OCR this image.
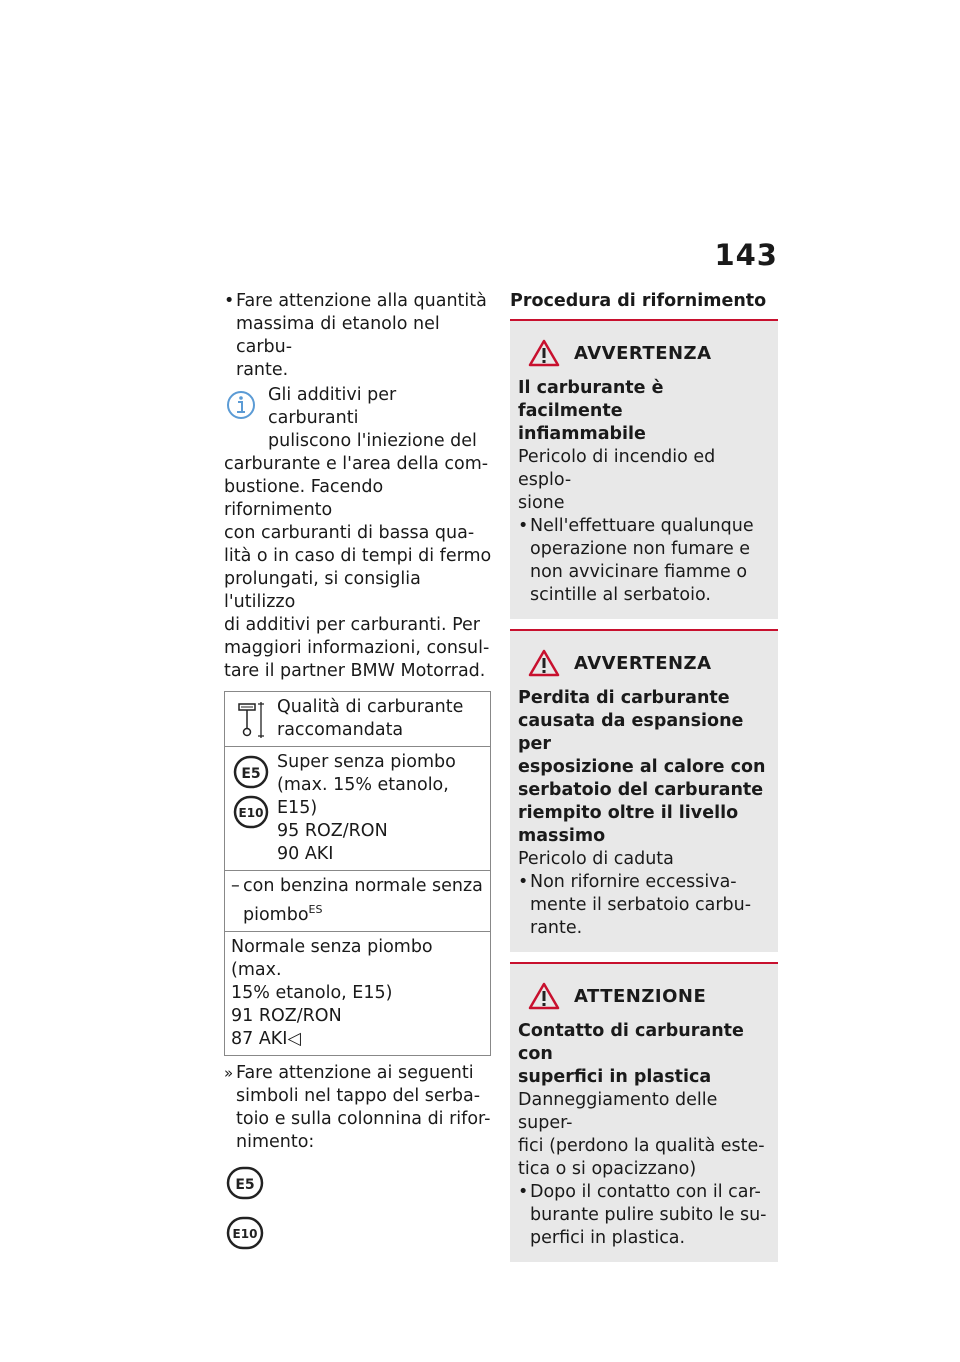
143
• Fare attenzione alla quantità
massima di etanolo nel carbu-
rante.
Gli additivi per carburanti
puliscono l'iniezione del
carburante e l'area della com-
bustione. Facendo rifornimento
con carburanti di bassa qua-
lità o in caso di tempi di fermo
prolungati, si consiglia l'utilizzo
di additivi per carburanti. Per
maggiori informazioni, consul-
tare il partner BMW Motorrad.
Qualità di carburante
raccomandata

E5
E10
Super senza piombo
(max. 15% etanolo,
E15)
95 ROZ/RON
90 AKI

– con benzina normale senza
piombo$^{ES}$

Normale senza piombo (max.
15% etanolo, E15)
91 ROZ/RON
87 AKI◁
» Fare attenzione ai seguenti
simboli nel tappo del serba-
toio e sulla colonnina di rifor-
nimento:
E5
E10
Procedura di rifornimento
AVVERTENZA
Il carburante è facilmente
infiammabile
Pericolo di incendio ed esplo-
sione
• Nell'effettuare qualunque
operazione non fumare e
non avvicinare fiamme o
scintille al serbatoio.
AVVERTENZA
Perdita di carburante
causata da espansione per
esposizione al calore con
serbatoio del carburante
riempito oltre il livello
massimo
Pericolo di caduta
• Non rifornire eccessiva-
mente il serbatoio carbu-
rante.
ATTENZIONE
Contatto di carburante con
superfici in plastica
Danneggiamento delle super-
fici (perdono la qualità este-
tica o si opacizzano)
• Dopo il contatto con il car-
burante pulire subito le su-
perfici in plastica.
